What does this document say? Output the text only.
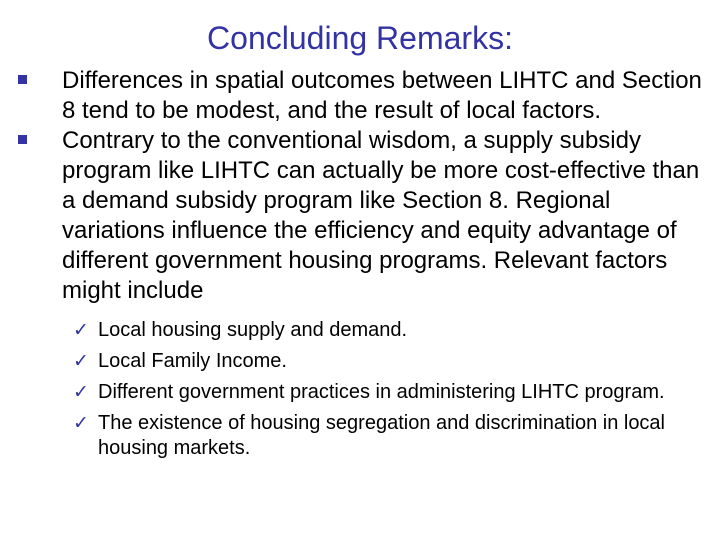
Concluding Remarks:
Differences in spatial outcomes between LIHTC and Section 8 tend to be modest, and the result of local factors.
Contrary to the conventional wisdom, a supply subsidy program like LIHTC can actually be more cost-effective than a demand subsidy program like Section 8. Regional variations influence the efficiency and equity advantage of different government housing programs. Relevant factors might include
✓ Local housing supply and demand.
✓ Local Family Income.
✓ Different government practices in administering LIHTC program.
✓ The existence of housing segregation and discrimination in local housing markets.
